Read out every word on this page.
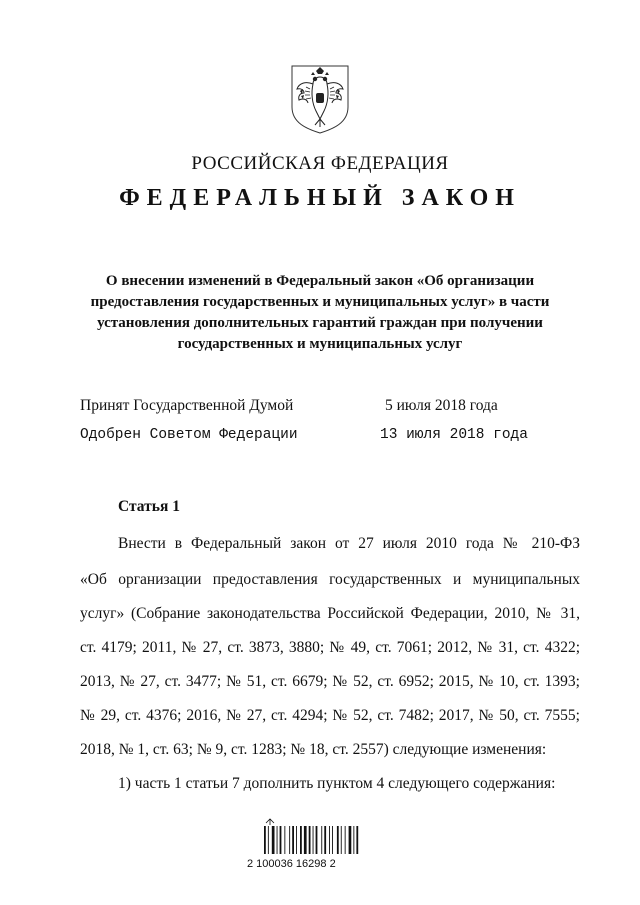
РОССИЙСКАЯ ФЕДЕРАЦИЯ
ФЕДЕРАЛЬНЫЙ ЗАКОН
О внесении изменений в Федеральный закон «Об организации
предоставления государственных и муниципальных услуг» в части
установления дополнительных гарантий граждан при получении
государственных и муниципальных услуг
Принят Государственной Думой	5 июля 2018 года
Одобрен Советом Федерации	13 июля 2018 года
Статья 1
Внести в Федеральный закон от 27 июля 2010 года № 210-ФЗ
«Об организации предоставления государственных и муниципальных
услуг» (Собрание законодательства Российской Федерации, 2010, № 31,
ст. 4179; 2011, № 27, ст. 3873, 3880; № 49, ст. 7061; 2012, № 31, ст. 4322;
2013, № 27, ст. 3477; № 51, ст. 6679; № 52, ст. 6952; 2015, № 10, ст. 1393;
№ 29, ст. 4376; 2016, № 27, ст. 4294; № 52, ст. 7482; 2017, № 50, ст. 7555;
2018, № 1, ст. 63; № 9, ст. 1283; № 18, ст. 2557) следующие изменения:
1) часть 1 статьи 7 дополнить пунктом 4 следующего содержания:
2 100036 16298 2
